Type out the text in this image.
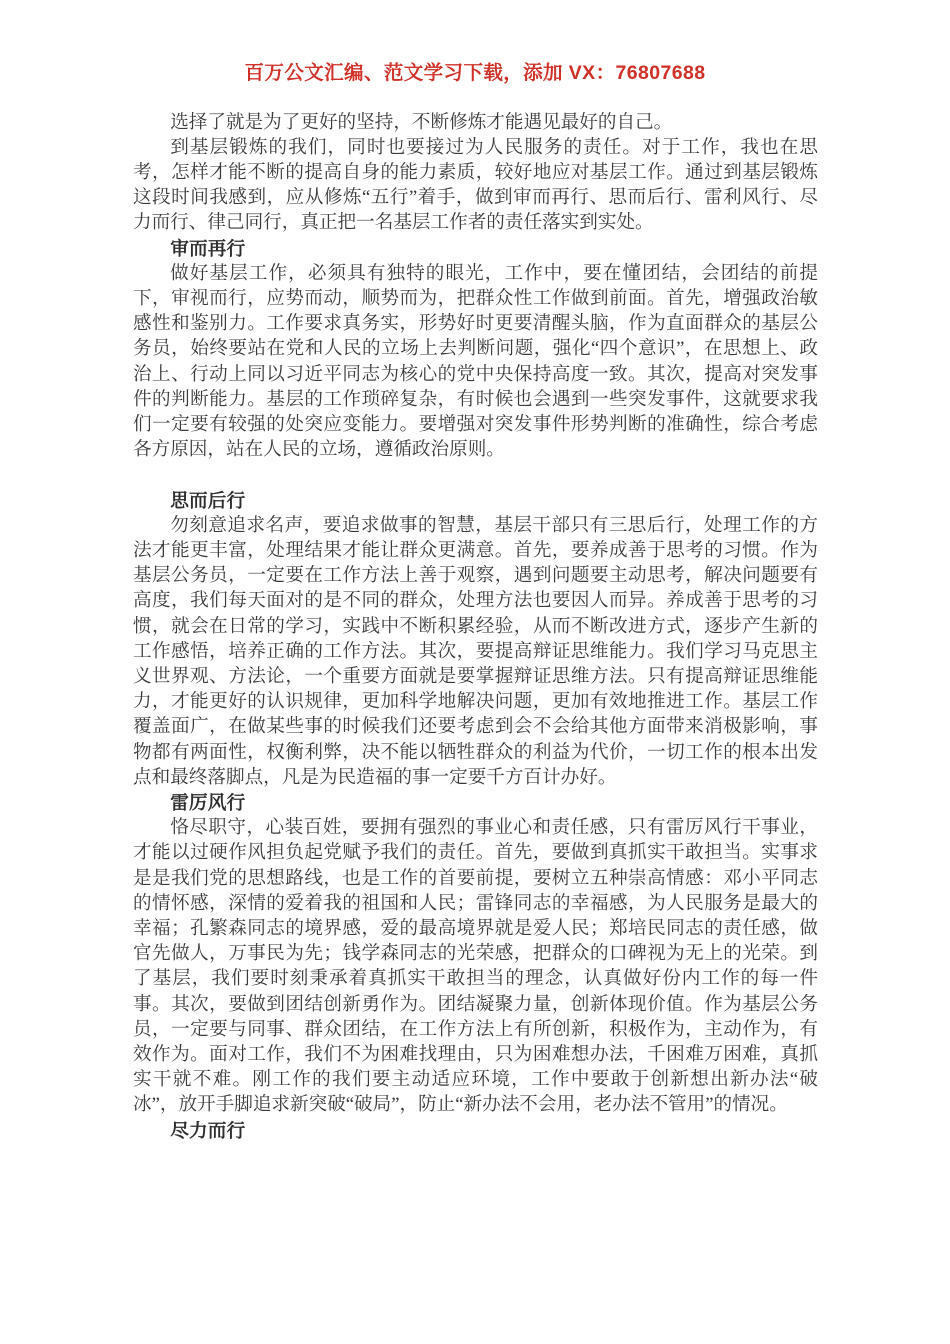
百万公文汇编、范文学习下载，添加 VX：76807688

选择了就是为了更好的坚持，不断修炼才能遇见最好的自己。

到基层锻炼的我们，同时也要接过为人民服务的责任。对于工作，我也在思考，怎样才能不断的提高自身的能力素质，较好地应对基层工作。通过到基层锻炼这段时间我感到，应从修炼“五行”着手，做到审而再行、思而后行、雷利风行、尽力而行、律己同行，真正把一名基层工作者的责任落实到实处。

审而再行

做好基层工作，必须具有独特的眼光，工作中，要在懂团结，会团结的前提下，审视而行，应势而动，顺势而为，把群众性工作做到前面。首先，增强政治敏感性和鉴别力。工作要求真务实，形势好时更要清醒头脑，作为直面群众的基层公务员，始终要站在党和人民的立场上去判断问题，强化“四个意识”，在思想上、政治上、行动上同以习近平同志为核心的党中央保持高度一致。其次，提高对突发事件的判断能力。基层的工作琐碎复杂，有时候也会遇到一些突发事件，这就要求我们一定要有较强的处突应变能力。要增强对突发事件形势判断的准确性，综合考虑各方原因，站在人民的立场，遵循政治原则。

思而后行

勿刻意追求名声，要追求做事的智慧，基层干部只有三思后行，处理工作的方法才能更丰富，处理结果才能让群众更满意。首先，要养成善于思考的习惯。作为基层公务员，一定要在工作方法上善于观察，遇到问题要主动思考，解决问题要有高度，我们每天面对的是不同的群众，处理方法也要因人而异。养成善于思考的习惯，就会在日常的学习，实践中不断积累经验，从而不断改进方式，逐步产生新的工作感悟，培养正确的工作方法。其次，要提高辩证思维能力。我们学习马克思主义世界观、方法论，一个重要方面就是要掌握辩证思维方法。只有提高辩证思维能力，才能更好的认识规律，更加科学地解决问题，更加有效地推进工作。基层工作覆盖面广，在做某些事的时候我们还要考虑到会不会给其他方面带来消极影响，事物都有两面性，权衡利弊，决不能以牺牲群众的利益为代价，一切工作的根本出发点和最终落脚点，凡是为民造福的事一定要千方百计办好。

雷厉风行

恪尽职守，心装百姓，要拥有强烈的事业心和责任感，只有雷厉风行干事业，才能以过硬作风担负起党赋予我们的责任。首先，要做到真抓实干敢担当。实事求是是我们党的思想路线，也是工作的首要前提，要树立五种崇高情感：邓小平同志的情怀感，深情的爱着我的祖国和人民；雷锋同志的幸福感，为人民服务是最大的幸福；孔繁森同志的境界感，爱的最高境界就是爱人民；郑培民同志的责任感，做官先做人，万事民为先；钱学森同志的光荣感，把群众的口碑视为无上的光荣。到了基层，我们要时刻秉承着真抓实干敢担当的理念，认真做好份内工作的每一件事。其次，要做到团结创新勇作为。团结凝聚力量，创新体现价值。作为基层公务员，一定要与同事、群众团结，在工作方法上有所创新，积极作为，主动作为，有效作为。面对工作，我们不为困难找理由，只为困难想办法，千困难万困难，真抓实干就不难。刚工作的我们要主动适应环境，工作中要敢于创新想出新办法“破冰”，放开手脚追求新突破“破局”，防止“新办法不会用，老办法不管用”的情况。

尽力而行
